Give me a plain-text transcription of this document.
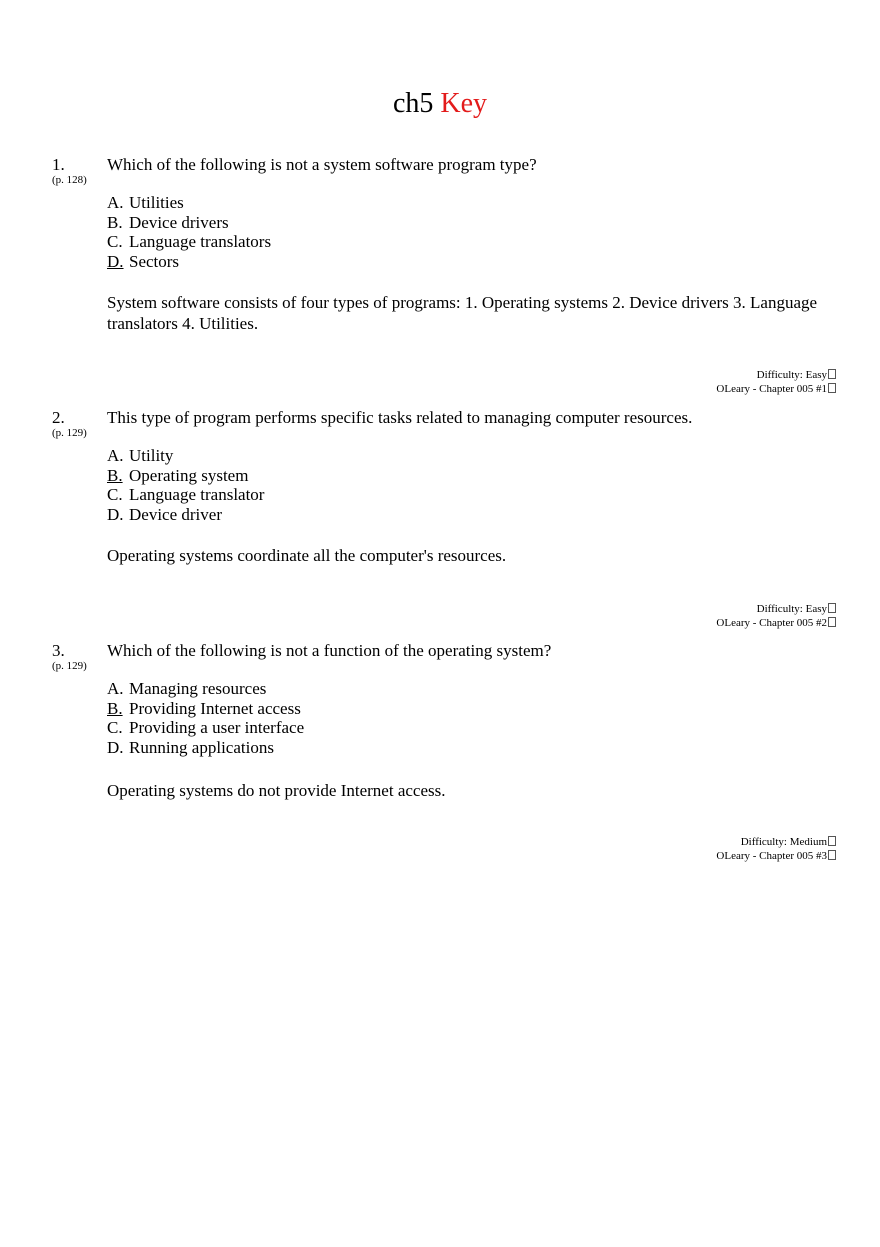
ch5 Key
1.
(p. 128)
Which of the following is not a system software program type?
A. Utilities
B. Device drivers
C. Language translators
D. Sectors
System software consists of four types of programs: 1. Operating systems 2. Device drivers 3. Language translators 4. Utilities.
Difficulty: Easy
OLeary - Chapter 005 #1
2.
(p. 129)
This type of program performs specific tasks related to managing computer resources.
A. Utility
B. Operating system
C. Language translator
D. Device driver
Operating systems coordinate all the computer's resources.
Difficulty: Easy
OLeary - Chapter 005 #2
3.
(p. 129)
Which of the following is not a function of the operating system?
A. Managing resources
B. Providing Internet access
C. Providing a user interface
D. Running applications
Operating systems do not provide Internet access.
Difficulty: Medium
OLeary - Chapter 005 #3
